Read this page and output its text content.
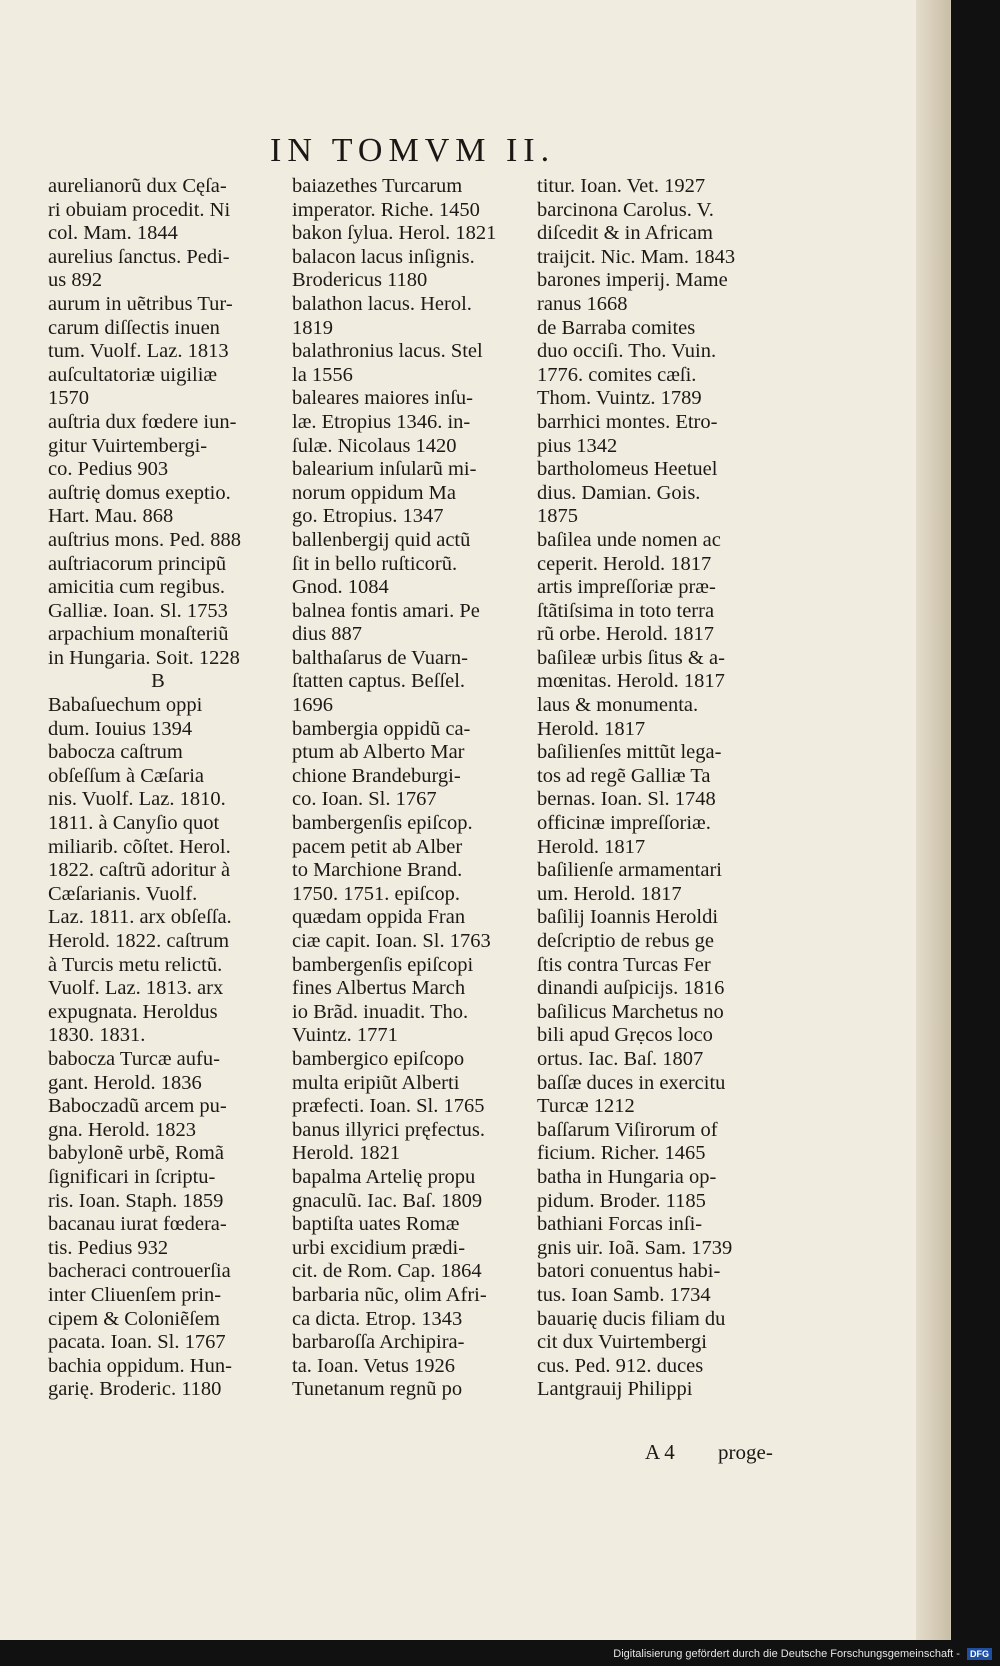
IN TOMVM II.
aurelianorũ dux Cęſa-
ri obuiam procedit. Ni
col. Mam. 1844
aurelius ſanctus. Pedi-
us 892
aurum in uẽtribus Tur-
carum diſſectis inuen
tum. Vuolf. Laz. 1813
auſcultatoriæ uigiliæ
1570
auſtria dux fœdere iun-
gitur Vuirtembergi-
co. Pedius 903
auſtrię domus exeptio.
Hart. Mau. 868
auſtrius mons. Ped. 888
auſtriacorum principũ
amicitia cum regibus.
Galliæ. Ioan. Sl. 1753
arpachium monaſteriũ
in Hungaria. Soit. 1228
B
Babaſuechum oppi
dum. Iouius 1394
babocza caſtrum
obſeſſum à Cæſaria
nis. Vuolf. Laz. 1810.
1811. à Canyſio quot
miliarib. cõſtet. Herol.
1822. caſtrũ adoritur à
Cæſarianis. Vuolf.
Laz. 1811. arx obſeſſa.
Herold. 1822. caſtrum
à Turcis metu relictũ.
Vuolf. Laz. 1813. arx
expugnata. Heroldus
1830. 1831.
babocza Turcæ aufu-
gant. Herold. 1836
Baboczadũ arcem pu-
gna. Herold. 1823
babylonẽ urbẽ, Romã
ſignificari in ſcriptu-
ris. Ioan. Staph. 1859
bacanau iurat fœdera-
tis. Pedius 932
bacheraci controuerſia
inter Cliuenſem prin-
cipem & Coloniẽſem
pacata. Ioan. Sl. 1767
bachia oppidum. Hun-
garię. Broderic. 1180
baiazethes Turcarum
imperator. Riche. 1450
bakon ſylua. Herol. 1821
balacon lacus inſignis.
Brodericus 1180
balathon lacus. Herol.
1819
balathronius lacus. Stel
la 1556
baleares maiores inſu-
læ. Etropius 1346. in-
ſulæ. Nicolaus 1420
balearium inſularũ mi-
norum oppidum Ma
go. Etropius. 1347
ballenbergij quid actũ
ſit in bello ruſticorũ.
Gnod. 1084
balnea fontis amari. Pe
dius 887
balthaſarus de Vuarn-
ſtatten captus. Beſſel.
1696
bambergia oppidũ ca-
ptum ab Alberto Mar
chione Brandeburgi-
co. Ioan. Sl. 1767
bambergenſis epiſcop.
pacem petit ab Alber
to Marchione Brand.
1750. 1751. epiſcop.
quædam oppida Fran
ciæ capit. Ioan. Sl. 1763
bambergenſis epiſcopi
fines Albertus March
io Brãd. inuadit. Tho.
Vuintz. 1771
bambergico epiſcopo
multa eripiũt Alberti
præfecti. Ioan. Sl. 1765
banus illyrici pręfectus.
Herold. 1821
bapalma Artelię propu
gnaculũ. Iac. Baſ. 1809
baptiſta uates Romæ
urbi excidium prædi-
cit. de Rom. Cap. 1864
barbaria nũc, olim Afri-
ca dicta. Etrop. 1343
barbaroſſa Archipira-
ta. Ioan. Vetus 1926
Tunetanum regnũ po
titur. Ioan. Vet. 1927
barcinona Carolus. V.
diſcedit & in Africam
traijcit. Nic. Mam. 1843
barones imperij. Mame
ranus 1668
de Barraba comites
duo occiſi. Tho. Vuin.
1776. comites cæſi.
Thom. Vuintz. 1789
barrhici montes. Etro-
pius 1342
bartholomeus Heetuel
dius. Damian. Gois.
1875
baſilea unde nomen ac
ceperit. Herold. 1817
artis impreſſoriæ præ-
ſtãtiſsima in toto terra
rũ orbe. Herold. 1817
baſileæ urbis ſitus & a-
mœnitas. Herold. 1817
laus & monumenta.
Herold. 1817
baſilienſes mittũt lega-
tos ad regẽ Galliæ Ta
bernas. Ioan. Sl. 1748
officinæ impreſſoriæ.
Herold. 1817
baſilienſe armamentari
um. Herold. 1817
baſilij Ioannis Heroldi
deſcriptio de rebus ge
ſtis contra Turcas Fer
dinandi auſpicijs. 1816
baſilicus Marchetus no
bili apud Grẹcos loco
ortus. Iac. Baſ. 1807
baſſæ duces in exercitu
Turcæ 1212
baſſarum Viſirorum of
ficium. Richer. 1465
batha in Hungaria op-
pidum. Broder. 1185
bathiani Forcas inſi-
gnis uir. Ioã. Sam. 1739
batori conuentus habi-
tus. Ioan Samb. 1734
bauarię ducis filiam du
cit dux Vuirtembergi
cus. Ped. 912. duces
Lantgrauij Philippi
A 4 proge-
Digitalisierung gefördert durch die Deutsche Forschungsgemeinschaft - DFG
